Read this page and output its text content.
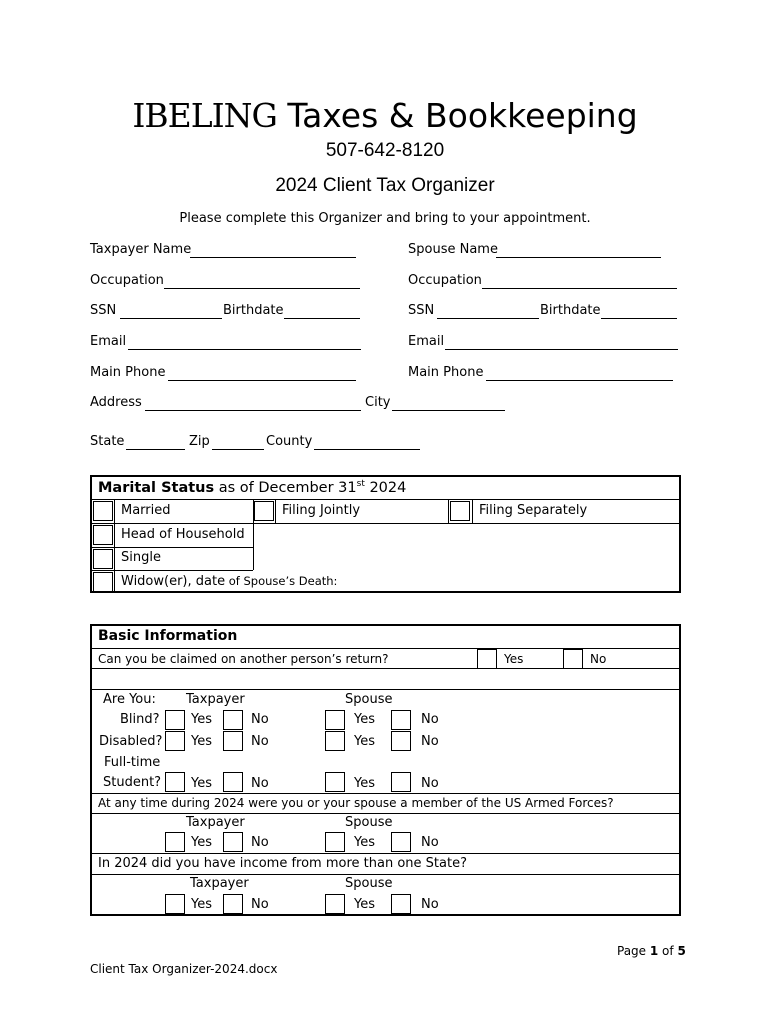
IBELING Taxes & Bookkeeping
507-642-8120
2024 Client Tax Organizer
Please complete this Organizer and bring to your appointment.
Taxpayer Name	Spouse Name
Occupation	Occupation
SSN	Birthdate	SSN	Birthdate
Email	Email
Main Phone	Main Phone
Address	City
State	Zip	County
Marital Status as of December 31st 2024
Married	Filing Jointly	Filing Separately
Head of Household
Single
Widow(er), date of Spouse’s Death:
Basic Information
Can you be claimed on another person’s return?	Yes	No
Are You: Taxpayer	Spouse
Blind? Yes	No	Yes	No
Disabled? Yes	No	Yes	No
Full-time
Student? Yes	No	Yes	No
At any time during 2024 were you or your spouse a member of the US Armed Forces?
Taxpayer	Spouse
Yes	No	Yes	No
In 2024 did you have income from more than one State?
Taxpayer	Spouse
Yes	No	Yes	No
Page 1 of 5
Client Tax Organizer-2024.docx
